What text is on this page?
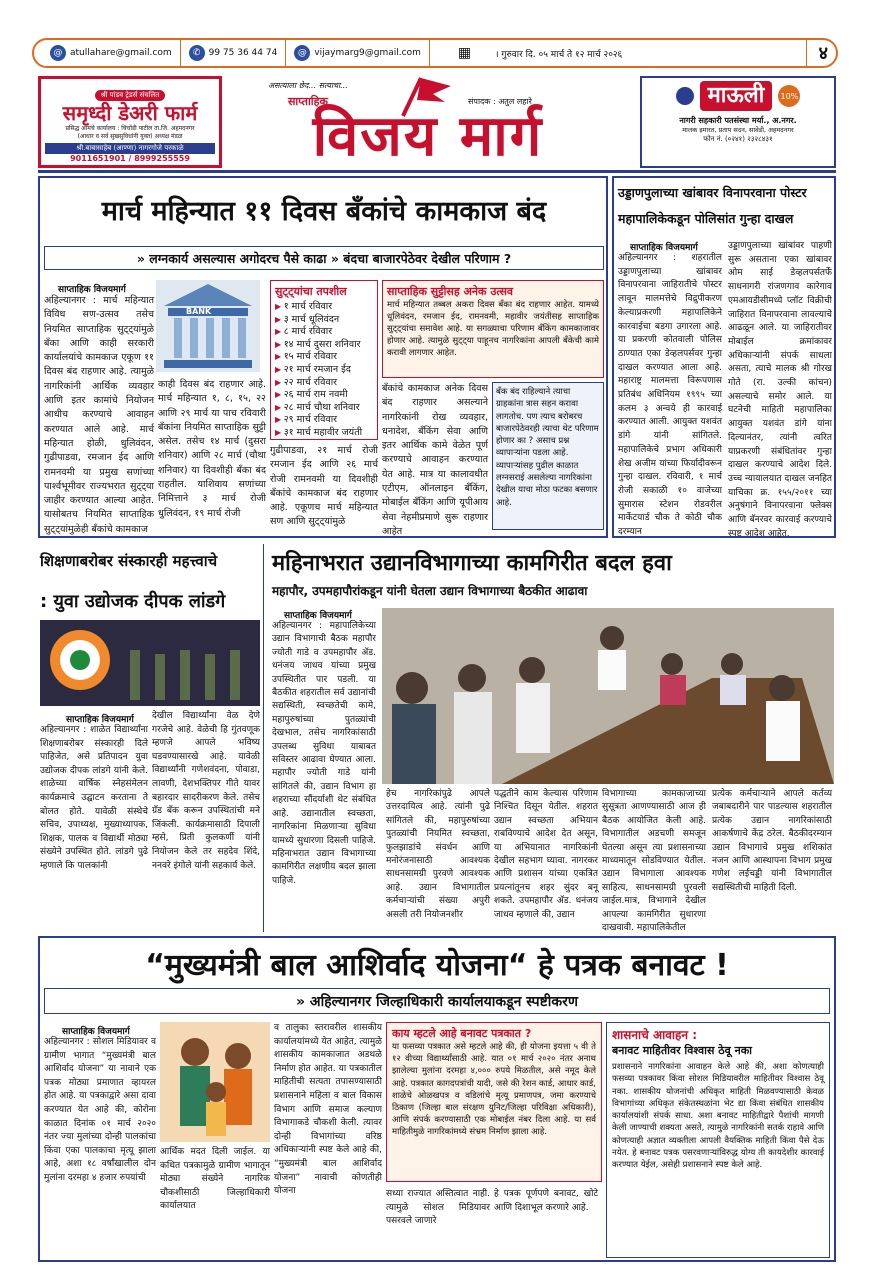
@ atullahare@gmail.com	✆ 99 75 36 44 74	@ vijaymarg9@gmail.com	▦	। गुरुवार दि. ०५ मार्च ते १२ मार्च २०२६	४
श्री पांडव ट्रेडर्स संचलित
समृध्दी डेअरी फार्म
प्रसिद्ध आमचे कार्यालय : चिचोंडी पाटील ता.जि. अहमदनगर
(आधार व सर्व सुखसुविधांनी युक्त) अध्यक्ष मंडळ
श्री.बाबासाहेब (आण्णा) नागरगोजे परकाळे
9011651901 / 8999255559
असत्याला छेद... सत्याचा...
साप्ताहिक	संपादक : अतुल लहारे
विजय मार्ग
माऊली	10%
नागरी सहकारी पतसंस्था मर्या., अ.नगर.
मालक इमारत, प्रताप सदन, सावेडी, अहमदनगर
फोन नं. (०२४१) २३२८४३१
मार्च महिन्यात ११ दिवस बँकांचे कामकाज बंद
» लग्नकार्य असल्यास अगोदरच पैसे काढा » बंदचा बाजारपेठेवर देखील परिणाम ?
BANK
साप्ताहिक विजयमार्ग
अहिल्यानगर : मार्च महिन्यात विविध सण-उत्सव तसेच नियमित साप्ताहिक सुट्ट्यांमुळे बँका आणि काही सरकारी कार्यालयांचे कामकाज एकूण ११ दिवस बंद राहणार आहे. त्यामुळे नागरिकांनी आर्थिक व्यवहार आणि इतर कामांचे नियोजन आधीच करण्याचे आवाहन करण्यात आले आहे. मार्च महिन्यात होळी, धुलिवंदन, गुढीपाडवा, रमजान ईद आणि रामनवमी या प्रमुख सणांच्या पार्श्वभूमीवर राज्यभरात सुट्ट्या जाहीर करण्यात आल्या आहेत. यासोबतच नियमित साप्ताहिक सुट्ट्यांमुळेही बँकांचे कामकाज
काही दिवस बंद राहणार आहे. मार्च महिन्यात १, ८, १५, २२ आणि २९ मार्च या पाच रविवारी बँकांना नियमित साप्ताहिक सुट्टी असेल. तसेच १४ मार्च (दुसरा शनिवार) आणि २८ मार्च (चौथा शनिवार) या दिवशीही बँका बंद राहतील. याशिवाय सणांच्या निमित्ताने ३ मार्च रोजी धुलिवंदन, १९ मार्च रोजी
सुट्ट्यांचा तपशील
▶ १ मार्च रविवार
▶ ३ मार्च धूलिवंदन
▶ ८ मार्च रविवार
▶ १४ मार्च दुसरा शनिवार
▶ १५ मार्च रविवार
▶ २१ मार्च रमजान ईद
▶ २२ मार्च रविवार
▶ २६ मार्च राम नवमी
▶ २८ मार्च चौथा शनिवार
▶ २९ मार्च रविवार
▶ ३१ मार्च महावीर जयंती
गुढीपाडवा, २१ मार्च रोजी रमजान ईद आणि २६ मार्च रोजी रामनवमी या दिवशीही बँकांचे कामकाज बंद राहणार आहे. एकूणच मार्च महिन्यात सण आणि सुट्ट्यांमुळे
साप्ताहिक सुट्टीसह अनेक उत्सव
मार्च महिन्यात तब्बल अकरा दिवस बँका बंद राहणार आहेत. यामध्ये धूलिवंदन, रमजान ईद, रामनवमी, महावीर जयंतीसह साप्ताहिक सुट्ट्यांचा समावेश आहे. या सगळ्याचा परिणाम बँकिंग कामकाजावर होणार आहे. त्यामुळे सुट्ट्या पाहूनच नागरिकांना आपली बँकेची कामे करावी लागणार आहेत.
बँकांचे कामकाज अनेक दिवस बंद राहणार असल्याने नागरिकांनी रोख व्यवहार, धनादेश, बँकिंग सेवा आणि इतर आर्थिक कामे वेळेत पूर्ण करण्याचे आवाहन करण्यात येत आहे. मात्र या कालावधीत एटीएम, ऑनलाइन बँकिंग, मोबाईल बँकिंग आणि यूपीआय सेवा नेहमीप्रमाणे सुरू राहणार आहेत
बँक बंद राहिल्याने त्याचा ग्राहकांना त्रास सहन करावा लागतोच. पण त्याच बरोबरच बाजारपेठेवरही त्याचा थेट परिणाम होणार का ? असाच प्रश्न व्यापाऱ्यांना पडला आहे. व्यापाऱ्यांसह पुढील काळात लग्नसराई असलेल्या नागरिकांना देखील याचा मोठा फटका बसणार आहे.
उड्डाणपुलाच्या खांबावर विनापरवाना पोस्टर
महापालिकेकडून पोलिसांत गुन्हा दाखल
साप्ताहिक विजयमार्ग
अहिल्यानगर : शहरातील उड्डाणपुलाच्या खांबावर विनापरवाना जाहिरातीचे पोस्टर लावून मालमत्तेचे विद्रुपीकरण केल्याप्रकरणी महापालिकेने कारवाईचा बडगा उगारला आहे. या प्रकरणी कोतवाली पोलिस ठाण्यात एका डेव्हलपर्सवर गुन्हा दाखल करण्यात आला आहे. महाराष्ट्र मालमत्ता विरूपणास प्रतिबंध अधिनियम १९९५ च्या कलम ३ अन्वये ही कारवाई करण्यात आली. आयुक्त यशवंत डांगे यांनी सांगितले. महापालिकेचे प्रभाग अधिकारी शेख अजीम यांच्या फिर्यादीवरून गुन्हा दाखल. रविवारी, १ मार्च रोजी सकाळी १० वाजेच्या सुमारास स्टेशन रोडवरील मार्केटयार्ड चौक ते कोठी चौक दरम्यान
उड्डाणपुलाच्या खांबांवर पाहणी सुरू असताना एका खांबावर ओम साई डेव्हलपर्सतर्फे साधनागरी रांजणगाव कारेगाव एमआयडीसीमध्ये प्लॉट विक्रीची जाहिरात विनापरवाना लावल्याचे आढळून आले. या जाहिरातीवर मोबाईल क्रमांकावर अधिकाऱ्यांनी संपर्क साधला असता, त्याचे मालक श्री गोरख गोते (रा. उल्की कांचन) असल्याचे समोर आले. या घटनेची माहिती महापालिका आयुक्त यशवंत डांगे यांना दिल्यानंतर, त्यांनी त्वरित याप्रकरणी संबंधितांवर गुन्हा दाखल करण्याचे आदेश दिले. उच्च न्यायालयात दाखल जनहित याचिका क्र. १५५/२०११ च्या अनुषंगाने विनापरवाना फ्लेक्स आणि बॅनरवर कारवाई करण्याचे स्पष्ट आदेश आहेत.
शिक्षणाबरोबर संस्कारही महत्त्वाचे
: युवा उद्योजक दीपक लांडगे
साप्ताहिक विजयमार्ग
अहिल्यानगर : शाळेत विद्यार्थ्यांना शिक्षणाबरोबर संस्कारही दिले पाहिजेत, असे प्रतिपादन युवा उद्योजक दीपक लांडगे यांनी केले. शाळेच्या वार्षिक स्नेहसंमेलन कार्यक्रमाचे उद्घाटन करताना ते बोलत होते. यावेळी संस्थेचे सचिव, उपाध्यक्ष, मुख्याध्यापक, शिक्षक, पालक व विद्यार्थी मोठ्या संख्येने उपस्थित होते. लांडगे पुढे म्हणाले कि पालकांनी
देखील विद्यार्थ्यांना वेळ देणे गरजेचे आहे. वेळेची हि गुंतवणूक म्हणजे आपले भविष्य घडवण्यासारखे आहे. यावेळी विद्यार्थ्यांनी गणेशवंदना, पोवाडा, लावणी, देशभक्तिपर गीते यावर बहारदार सादरीकरण केले. तसेच ग्रँड बँक करून उपस्थितांची मने जिंकली. कार्यक्रमासाठी दिपाली म्हसे, प्रिती कुलकर्णी यांनी नियोजन केले तर सहदेव शिंदे, ननवरे इंगोले यांनी सहकार्य केले.
महिनाभरात उद्यानविभागाच्या कामगिरीत बदल हवा
महापौर, उपमहापौरांकडून यांनी घेतला उद्यान विभागाच्या बैठकीत आढावा
साप्ताहिक विजयमार्ग
अहिल्यानगर : महापालिकेच्या उद्यान विभागाची बैठक महापौर ज्योती गाडे व उपमहापौर ॲड. धनंजय जाधव यांच्या प्रमुख उपस्थितीत पार पडली. या बैठकीत शहरातील सर्व उद्यानांची सद्यस्थिती, स्वच्छतेची कामे, महापुरुषांच्या पुतळ्यांची देखभाल, तसेच नागरिकांसाठी उपलब्ध सुविधा याबाबत सविस्तर आढावा घेण्यात आला. महापौर ज्योती गाडे यांनी सांगितले की, उद्यान विभाग हा शहराच्या सौंदर्याशी थेट संबंधित आहे. उद्यानातील स्वच्छता, नागरिकांना मिळणाऱ्या सुविधा यामध्ये सुधारणा दिसली पाहिजे. महिनाभरात उद्यान विभागाच्या कामगिरीत लक्षणीय बदल झाला पाहिजे.
हेच नागरिकांपुढे आपले उत्तरदायित्व आहे. त्यांनी पुढे सांगितले की, महापुरुषांच्या पुतळ्यांची नियमित स्वच्छता, फुलझाडांचे संवर्धन आणि मनोरंजनासाठी आवश्यक साधनसामग्री पुरवणे आवश्यक आहे. उद्यान विभागातील कर्मचाऱ्यांची संख्या अपुरी असली तरी नियोजनशीर
पद्धतीने काम केल्यास परिणाम निश्चित दिसून येतील. शहरात उद्यान स्वच्छता अभियान राबविण्याचे आदेश देत असून, या अभियानात नागरिकांनी देखील सहभाग घ्यावा. नागरकर आणि प्रशासन यांच्या एकत्रित प्रयत्नांतूनच शहर सुंदर बनू शकते. उपमहापौर ॲड. धनंजय जाधव म्हणाले की, उद्यान
विभागाच्या कामकाजाच्या सुसूत्रता आणण्यासाठी आज ही बैठक आयोजित केली आहे. विभागातील अडचणी समजून घेतल्या असून त्या प्रशासनाच्या माध्यमातून सोडविण्यात येतील. उद्यान विभागाला आवश्यक साहित्य, साधनसामग्री पुरवली जाईल.मात्र, विभागाने देखील आपल्या कामगिरीत सुधारणा दाखवावी. महापालिकेतील
प्रत्येक कर्मचाऱ्याने आपले कर्तव्य जबाबदारीने पार पाडल्यास शहरातील प्रत्येक उद्यान नागरिकांसाठी आकर्षणाचे केंद्र ठरेल. बैठकीदरम्यान उद्यान विभागाचे प्रमुख शशिकांत नजन आणि आस्थापना विभाग प्रमुख गणेश लईचड्डी यांनी विभागातील सद्यस्थितीची माहिती दिली.
“मुख्यमंत्री बाल आशिर्वाद योजना“ हे पत्रक बनावट !
» अहिल्यानगर जिल्हाधिकारी कार्यालयाकडून स्पष्टीकरण
साप्ताहिक विजयमार्ग
अहिल्यानगर : सोशल मिडियावर व ग्रामीण भागात “मुख्यमंत्री बाल आशिर्वाद योजना” या नावाने एक पत्रक मोठ्या प्रमाणात व्हायरल होत आहे. या पत्रकाद्वारे असा दावा करण्यात येत आहे की, कोरोना काळात दिनांक ०१ मार्च २०२० नंतर ज्या मुलांच्या दोन्ही पालकांचा किंवा एका पालकाचा मृत्यू झाला आहे, अशा १८ वर्षांखालील दोन मुलांना दरमहा ४ हजार रुपयांची
आर्थिक मदत दिली जाईल. या कथित पत्रकामुळे ग्रामीण भागातून मोठ्या संख्येने नागरिक चौकशीसाठी जिल्हाधिकारी कार्यालयात
व तालुका स्तरावरील शासकीय कार्यालयांमध्ये येत आहेत, त्यामुळे शासकीय कामकाजात अडथळे निर्माण होत आहेत. या पत्रकातील माहितीची सत्यता तपासण्यासाठी प्रशासनाने महिला व बाल विकास विभाग आणि समाज कल्याण विभागाकडे चौकशी केली. त्यावर दोन्ही विभागांच्या वरिष्ठ अधिकाऱ्यांनी स्पष्ट केले आहे की, “मुख्यमंत्री बाल आशिर्वाद योजना” नावाची कोणतीही योजना
काय म्हटले आहे बनावट पत्रकात ?
या फसव्या पत्रकात असे म्हटले आहे की, ही योजना इयत्ता ५ वी ते १२ वीच्या विद्यार्थ्यांसाठी आहे. यात ०१ मार्च २०२० नंतर अनाथ झालेल्या मुलांना दरमहा ४,००० रुपये मिळतील, असे नमूद केले आहे. पत्रकात कागदपत्रांची यादी, जसे की रेशन कार्ड, आधार कार्ड, शाळेचे ओळखपत्र व वडिलांचे मृत्यू प्रमाणपत्र, जमा करण्याचे ठिकाण (जिल्हा बाल संरक्षण युनिट/जिल्हा परिविक्षा अधिकारी), आणि संपर्क करण्यासाठी एक मोबाईल नंबर दिला आहे. या सर्व माहितीमुळे नागरिकांमध्ये संभ्रम निर्माण झाला आहे.
सध्या राज्यात अस्तित्वात नाही. त्यामुळे सोशल मिडियावर पसरवले जाणारे
हे पत्रक पूर्णपणे बनावट, खोटे आणि दिशाभूल करणारे आहे.
शासनाचे आवाहन :
बनावट माहितीवर विश्वास ठेवू नका
प्रशासनाने नागरिकांना आवाहन केले आहे की, अशा कोणत्याही फसव्या पत्रकावर किंवा सोशल मिडियावरील माहितीवर विश्वास ठेवू नका. शासकीय योजनांची अधिकृत माहिती मिळवण्यासाठी केवळ विभागांच्या अधिकृत संकेतस्थळांना भेट द्या किंवा संबंधित शासकीय कार्यालयांशी संपर्क साधा. अशा बनावट माहितीद्वारे पैशांची मागणी केली जाण्याची शक्यता असते, त्यामुळे नागरिकांनी सतर्क राहावे आणि कोणत्याही अज्ञात व्यक्तीला आपली वैयक्तिक माहिती किंवा पैसे देऊ नयेत. हे बनावट पत्रक पसरवणाऱ्यांविरुद्ध योग्य ती कायदेशीर कारवाई करण्यात येईल, असेही प्रशासनाने स्पष्ट केले आहे.
